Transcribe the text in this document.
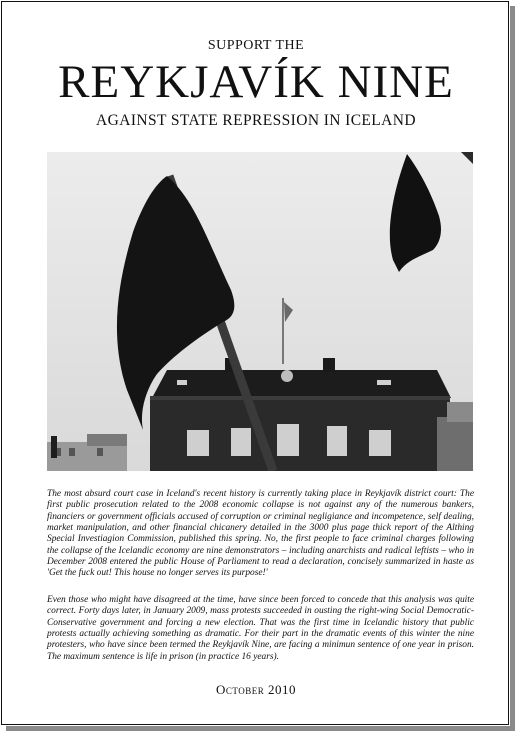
SUPPORT THE
REYKJAVÍK NINE
AGAINST STATE REPRESSION IN ICELAND

The most absurd court case in Iceland's recent history is currently taking place in Reykjavík district court: The first public prosecution related to the 2008 economic collapse is not against any of the numerous bankers, financiers or government officials accused of corruption or criminal negligiance and incompetence, self dealing, market manipulation, and other financial chicanery detailed in the 3000 plus page thick report of the Althing Special Investiagion Commission, published this spring. No, the first people to face criminal charges following the collapse of the Icelandic economy are nine demonstrators – including anarchists and radical leftists – who in December 2008 entered the public House of Parliament to read a declaration, concisely summarized in haste as 'Get the fuck out! This house no longer serves its purpose!'

Even those who might have disagreed at the time, have since been forced to concede that this analysis was quite correct. Forty days later, in January 2009, mass protests succeeded in ousting the right-wing Social Democratic-Conservative government and forcing a new election. That was the first time in Icelandic history that public protests actually achieving something as dramatic. For their part in the dramatic events of this winter the nine protesters, who have since been termed the Reykjavík Nine, are facing a minimun sentence of one year in prison. The maximum sentence is life in prison (in practice 16 years).

October 2010
